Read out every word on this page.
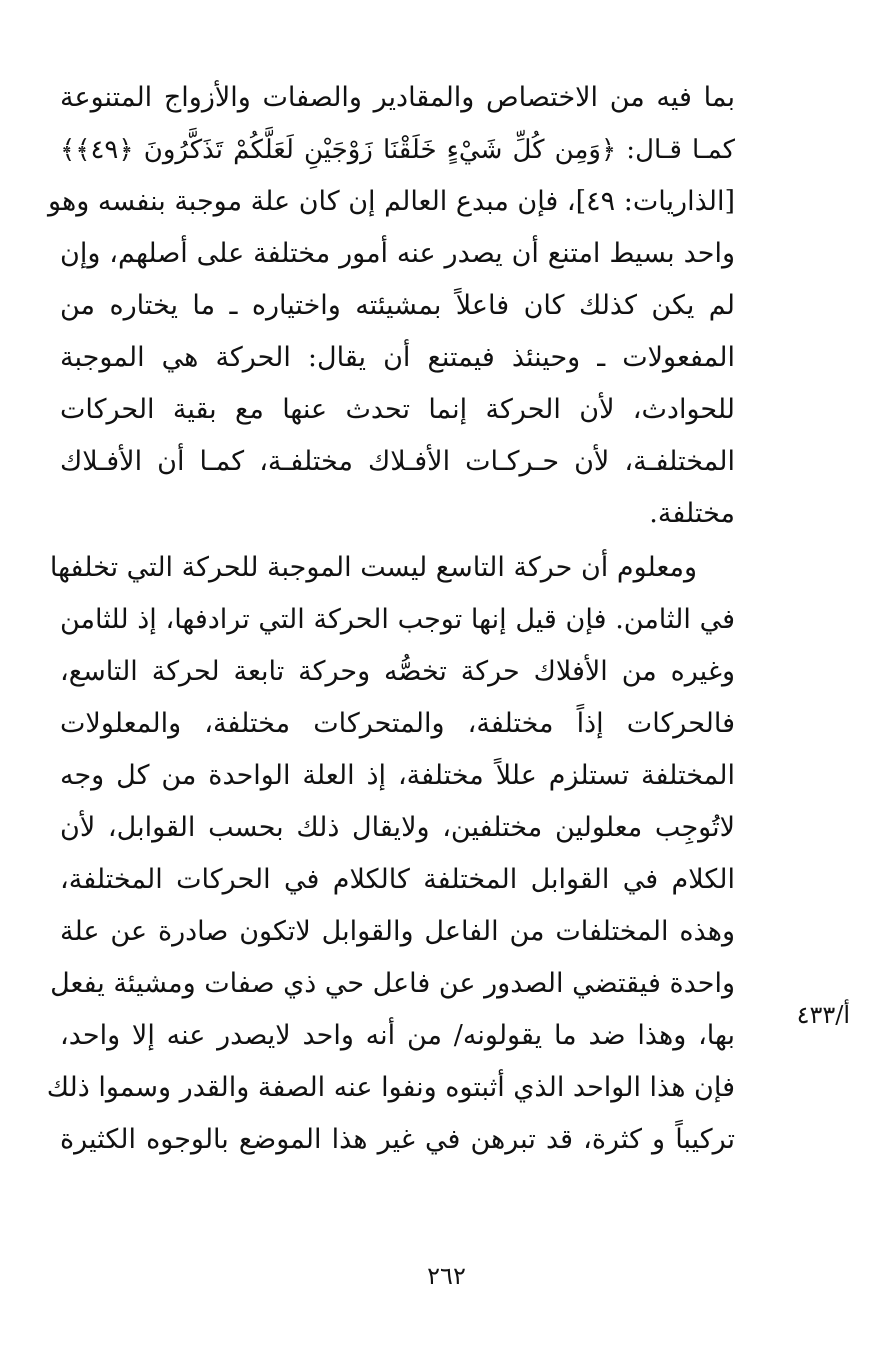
بما فيه من الاختصاص والمقادير والصفات والأزواج المتنوعة
كمـا قـال: ﴿وَمِن كُلِّ شَيْءٍ خَلَقْنَا زَوْجَيْنِ لَعَلَّكُمْ تَذَكَّرُونَ ﴿٤٩﴾﴾
[الذاريات: ٤٩]، فإن مبدع العالم إن كان علة موجبة بنفسه وهو
واحد بسيط امتنع أن يصدر عنه أمور مختلفة على أصلهم، وإن
لم يكن كذلك كان فاعلاً بمشيئته واختياره ـ ما يختاره من
المفعولات ـ وحينئذ فيمتنع أن يقال: الحركة هي الموجبة
للحوادث، لأن الحركة إنما تحدث عنها مع بقية الحركات
المختلفـة، لأن حـركـات الأفـلاك مختلفـة، كمـا أن الأفـلاك
مختلفة.
ومعلوم أن حركة التاسع ليست الموجبة للحركة التي تخلفها
في الثامن. فإن قيل إنها توجب الحركة التي ترادفها، إذ للثامن
وغيره من الأفلاك حركة تخصُّه وحركة تابعة لحركة التاسع،
فالحركات إذاً مختلفة، والمتحركات مختلفة، والمعلولات
المختلفة تستلزم عللاً مختلفة، إذ العلة الواحدة من كل وجه
لاتُوجِب معلولين مختلفين، ولايقال ذلك بحسب القوابل، لأن
الكلام في القوابل المختلفة كالكلام في الحركات المختلفة،
وهذه المختلفات من الفاعل والقوابل لاتكون صادرة عن علة
واحدة فيقتضي الصدور عن فاعل حي ذي صفات ومشيئة يفعل
بها، وهذا ضد ما يقولونه/ من أنه واحد لايصدر عنه إلا واحد،
فإن هذا الواحد الذي أثبتوه ونفوا عنه الصفة والقدر وسموا ذلك
تركيباً و كثرة، قد تبرهن في غير هذا الموضع بالوجوه الكثيرة
أ/٤٣٣
٢٦٢
